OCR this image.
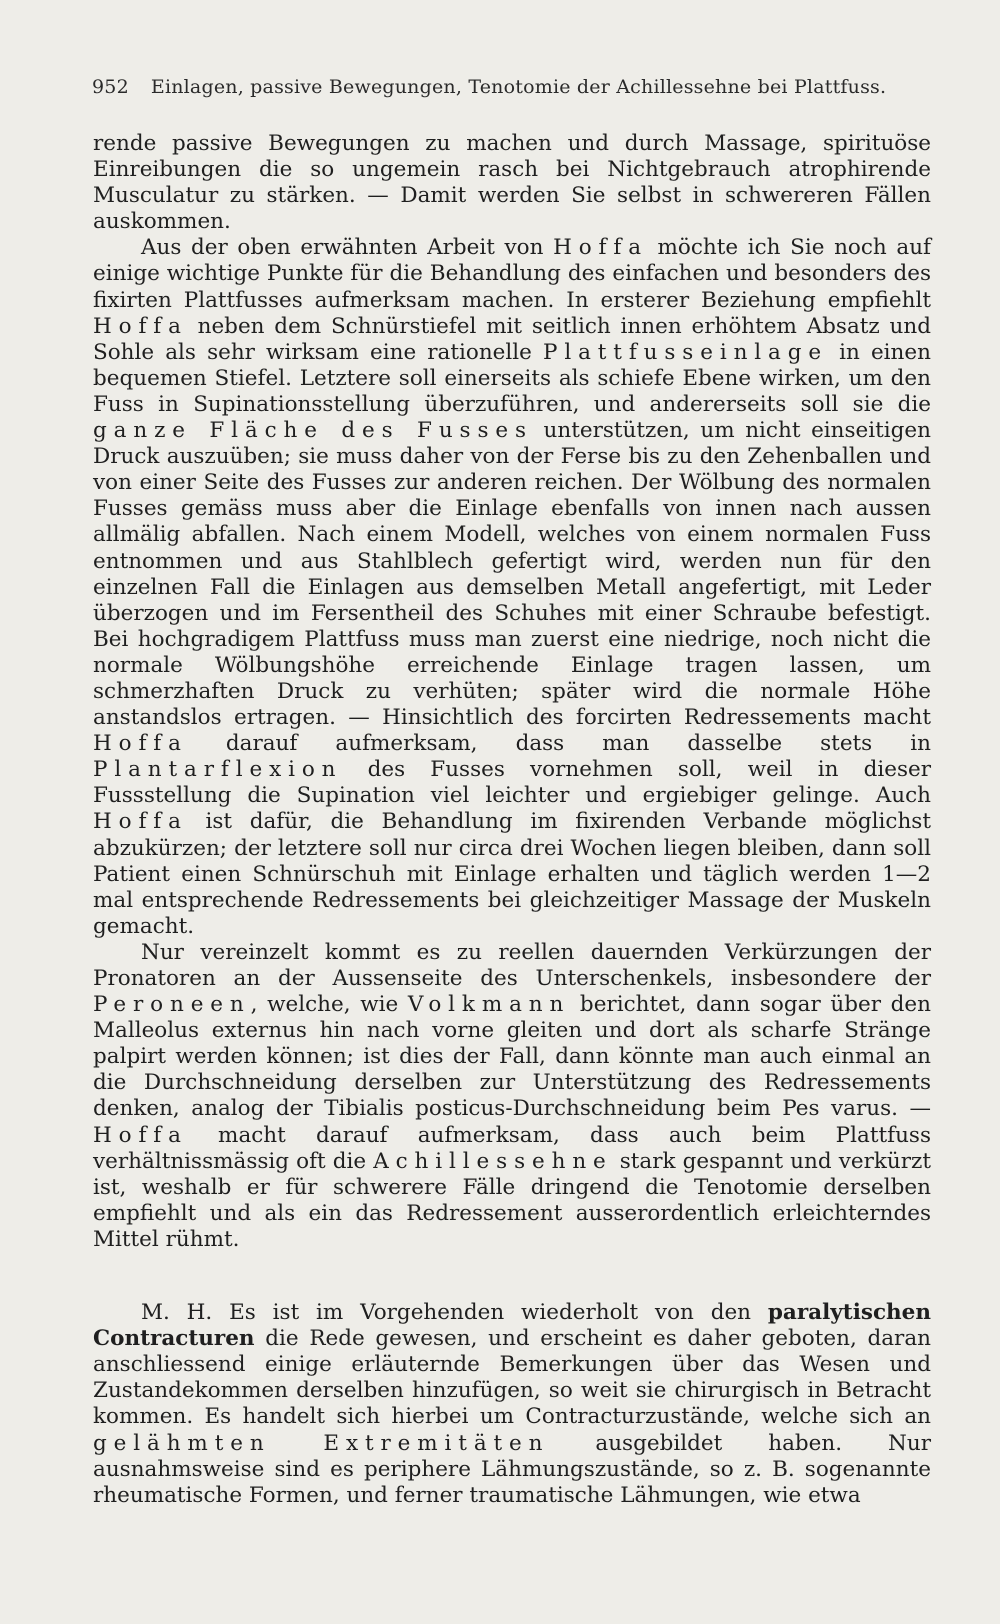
952 Einlagen, passive Bewegungen, Tenotomie der Achillessehne bei Plattfuss.

rende passive Bewegungen zu machen und durch Massage, spirituöse Einreibungen die so ungemein rasch bei Nichtgebrauch atrophirende Musculatur zu stärken. — Damit werden Sie selbst in schwereren Fällen auskommen.

Aus der oben erwähnten Arbeit von Hoffa möchte ich Sie noch auf einige wichtige Punkte für die Behandlung des einfachen und besonders des fixirten Plattfusses aufmerksam machen. In ersterer Beziehung empfiehlt Hoffa neben dem Schnürstiefel mit seitlich innen erhöhtem Absatz und Sohle als sehr wirksam eine rationelle Plattfusseinlage in einen bequemen Stiefel. Letztere soll einerseits als schiefe Ebene wirken, um den Fuss in Supinationsstellung überzuführen, und andererseits soll sie die ganze Fläche des Fusses unterstützen, um nicht einseitigen Druck auszuüben; sie muss daher von der Ferse bis zu den Zehenballen und von einer Seite des Fusses zur anderen reichen. Der Wölbung des normalen Fusses gemäss muss aber die Einlage ebenfalls von innen nach aussen allmälig abfallen. Nach einem Modell, welches von einem normalen Fuss entnommen und aus Stahlblech gefertigt wird, werden nun für den einzelnen Fall die Einlagen aus demselben Metall angefertigt, mit Leder überzogen und im Fersentheil des Schuhes mit einer Schraube befestigt. Bei hochgradigem Plattfuss muss man zuerst eine niedrige, noch nicht die normale Wölbungshöhe erreichende Einlage tragen lassen, um schmerzhaften Druck zu verhüten; später wird die normale Höhe anstandslos ertragen. — Hinsichtlich des forcirten Redressements macht Hoffa darauf aufmerksam, dass man dasselbe stets in Plantarflexion des Fusses vornehmen soll, weil in dieser Fussstellung die Supination viel leichter und ergiebiger gelinge. Auch Hoffa ist dafür, die Behandlung im fixirenden Verbande möglichst abzukürzen; der letztere soll nur circa drei Wochen liegen bleiben, dann soll Patient einen Schnürschuh mit Einlage erhalten und täglich werden 1—2 mal entsprechende Redressements bei gleichzeitiger Massage der Muskeln gemacht.

Nur vereinzelt kommt es zu reellen dauernden Verkürzungen der Pronatoren an der Aussenseite des Unterschenkels, insbesondere der Peroneen, welche, wie Volkmann berichtet, dann sogar über den Malleolus externus hin nach vorne gleiten und dort als scharfe Stränge palpirt werden können; ist dies der Fall, dann könnte man auch einmal an die Durchschneidung derselben zur Unterstützung des Redressements denken, analog der Tibialis posticus-Durchschneidung beim Pes varus. — Hoffa macht darauf aufmerksam, dass auch beim Plattfuss verhältnissmässig oft die Achillessehne stark gespannt und verkürzt ist, weshalb er für schwerere Fälle dringend die Tenotomie derselben empfiehlt und als ein das Redressement ausserordentlich erleichterndes Mittel rühmt.

M. H. Es ist im Vorgehenden wiederholt von den paralytischen Contracturen die Rede gewesen, und erscheint es daher geboten, daran anschliessend einige erläuternde Bemerkungen über das Wesen und Zustandekommen derselben hinzufügen, so weit sie chirurgisch in Betracht kommen. Es handelt sich hierbei um Contracturzustände, welche sich an gelähmten Extremitäten ausgebildet haben. Nur ausnahmsweise sind es periphere Lähmungszustände, so z. B. sogenannte rheumatische Formen, und ferner traumatische Lähmungen, wie etwa
